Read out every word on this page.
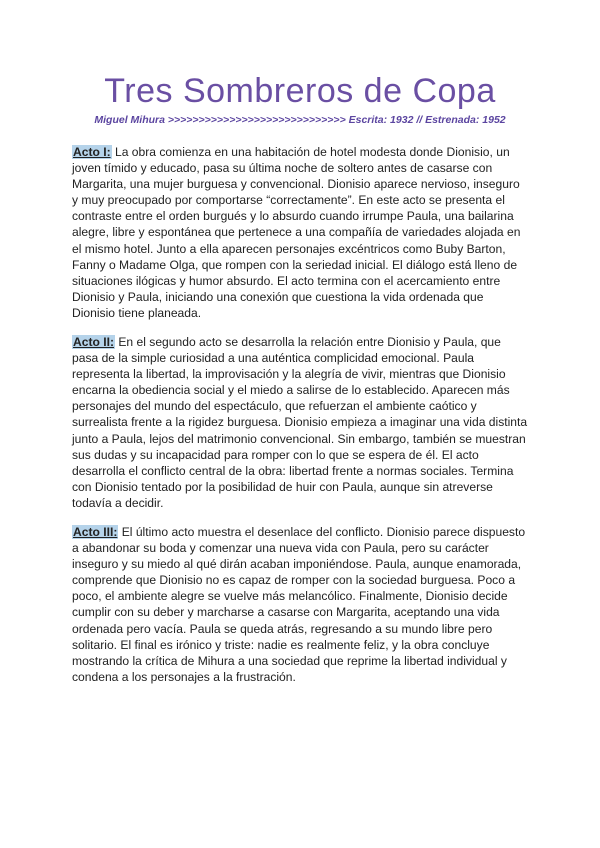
Tres Sombreros de Copa
Miguel Mihura >>>>>>>>>>>>>>>>>>>>>>>>>>>>> Escrita: 1932 // Estrenada: 1952

Acto I: La obra comienza en una habitación de hotel modesta donde Dionisio, un joven tímido y educado, pasa su última noche de soltero antes de casarse con Margarita, una mujer burguesa y convencional. Dionisio aparece nervioso, inseguro y muy preocupado por comportarse “correctamente”. En este acto se presenta el contraste entre el orden burgués y lo absurdo cuando irrumpe Paula, una bailarina alegre, libre y espontánea que pertenece a una compañía de variedades alojada en el mismo hotel. Junto a ella aparecen personajes excéntricos como Buby Barton, Fanny o Madame Olga, que rompen con la seriedad inicial. El diálogo está lleno de situaciones ilógicas y humor absurdo. El acto termina con el acercamiento entre Dionisio y Paula, iniciando una conexión que cuestiona la vida ordenada que Dionisio tiene planeada.

Acto II: En el segundo acto se desarrolla la relación entre Dionisio y Paula, que pasa de la simple curiosidad a una auténtica complicidad emocional. Paula representa la libertad, la improvisación y la alegría de vivir, mientras que Dionisio encarna la obediencia social y el miedo a salirse de lo establecido. Aparecen más personajes del mundo del espectáculo, que refuerzan el ambiente caótico y surrealista frente a la rigidez burguesa. Dionisio empieza a imaginar una vida distinta junto a Paula, lejos del matrimonio convencional. Sin embargo, también se muestran sus dudas y su incapacidad para romper con lo que se espera de él. El acto desarrolla el conflicto central de la obra: libertad frente a normas sociales. Termina con Dionisio tentado por la posibilidad de huir con Paula, aunque sin atreverse todavía a decidir.

Acto III: El último acto muestra el desenlace del conflicto. Dionisio parece dispuesto a abandonar su boda y comenzar una nueva vida con Paula, pero su carácter inseguro y su miedo al qué dirán acaban imponiéndose. Paula, aunque enamorada, comprende que Dionisio no es capaz de romper con la sociedad burguesa. Poco a poco, el ambiente alegre se vuelve más melancólico. Finalmente, Dionisio decide cumplir con su deber y marcharse a casarse con Margarita, aceptando una vida ordenada pero vacía. Paula se queda atrás, regresando a su mundo libre pero solitario. El final es irónico y triste: nadie es realmente feliz, y la obra concluye mostrando la crítica de Mihura a una sociedad que reprime la libertad individual y condena a los personajes a la frustración.
